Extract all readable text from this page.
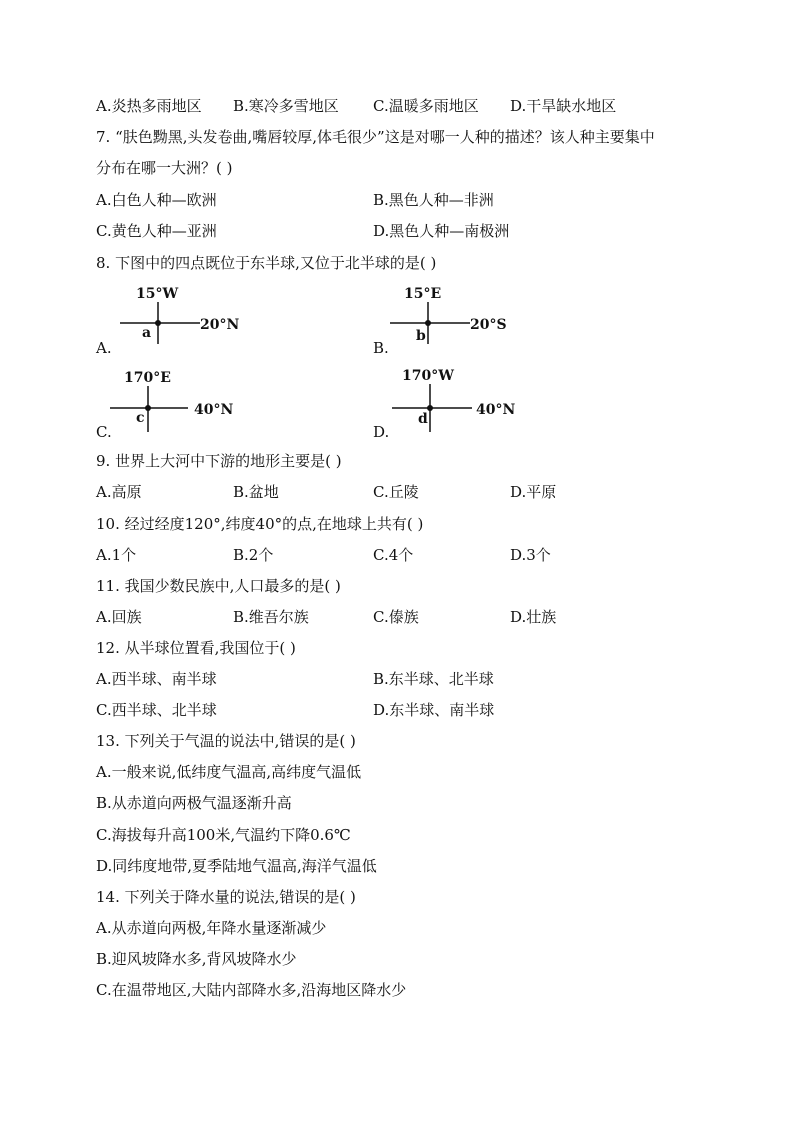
A.炎热多雨地区 B.寒冷多雪地区 C.温暖多雨地区 D.干旱缺水地区
7. “肤色黝黑,头发卷曲,嘴唇较厚,体毛很少”这是对哪一人种的描述？该人种主要集中
分布在哪一大洲？( )
A.白色人种—欧洲	B.黑色人种—非洲
C.黄色人种—亚洲	D.黑色人种—南极洲
8. 下图中的四点既位于东半球,又位于北半球的是( )
A.
15°W
a	20°N
B.
15°E
b
20°S
C.
170°E
c	40°N
D.
170°W
d
40°N
9. 世界上大河中下游的地形主要是( )
A.高原	B.盆地	C.丘陵	D.平原
10. 经过经度120°,纬度40°的点,在地球上共有( )
A.1个	B.2个	C.4个	D.3个
11. 我国少数民族中,人口最多的是( )
A.回族	B.维吾尔族	C.傣族	D.壮族
12. 从半球位置看,我国位于( )
A.西半球、南半球	B.东半球、北半球
C.西半球、北半球	D.东半球、南半球
13. 下列关于气温的说法中,错误的是( )
A.一般来说,低纬度气温高,高纬度气温低
B.从赤道向两极气温逐渐升高
C.海拔每升高100米,气温约下降0.6℃
D.同纬度地带,夏季陆地气温高,海洋气温低
14. 下列关于降水量的说法,错误的是( )
A.从赤道向两极,年降水量逐渐减少
B.迎风坡降水多,背风坡降水少
C.在温带地区,大陆内部降水多,沿海地区降水少
